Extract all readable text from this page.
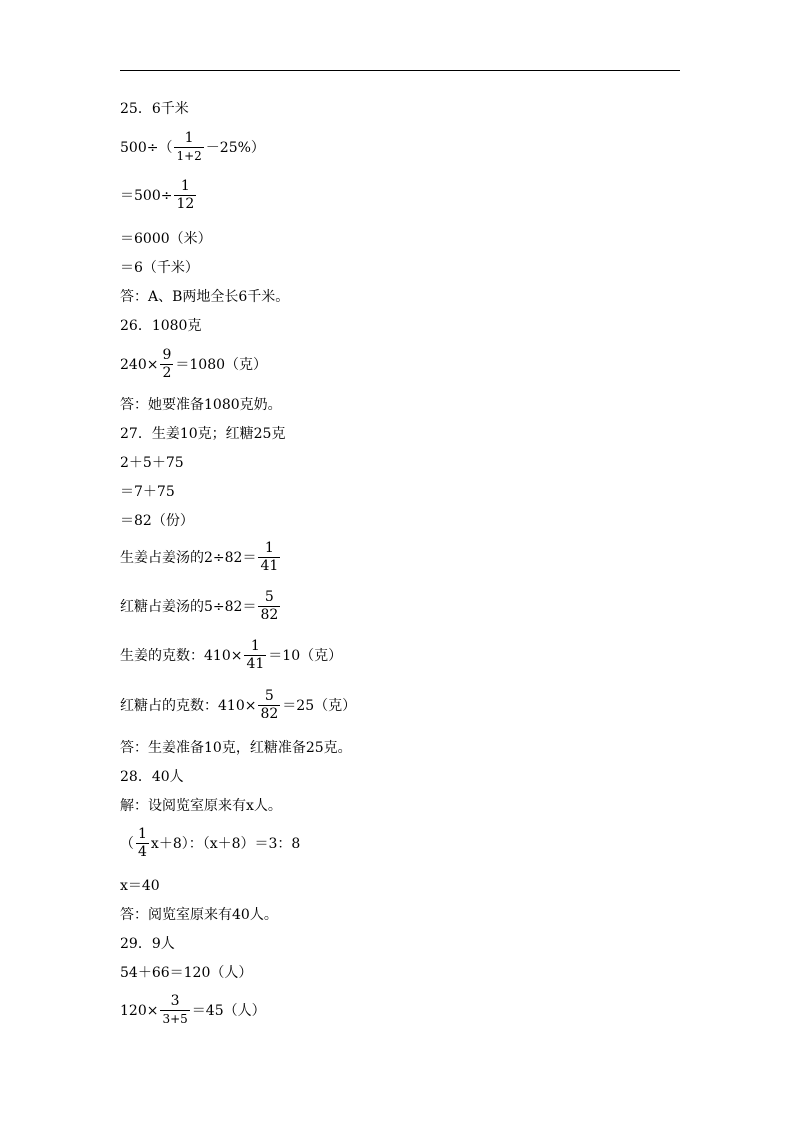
25．6千米
$500\div( \frac{1}{1+2} -25\%)$
$=500\div \frac{1}{12}$
＝6000（米）
＝6（千米）
答：A、B两地全长6千米。
26．1080克
$240\times \frac{9}{2} =1080$（克）
答：她要准备1080克奶。
27．生姜10克；红糖25克
2＋5＋75
＝7＋75
＝82（份）
生姜占姜汤的$2\div 82= \frac{1}{41}$
红糖占姜汤的$5\div 82= \frac{5}{82}$
生姜的克数：$410\times \frac{1}{41} =10$（克）
红糖占的克数：$410\times \frac{5}{82} =25$（克）
答：生姜准备10克，红糖准备25克。
28．40人
解：设阅览室原来有x人。
（ $\frac{1}{4} x+8$）：（x＋8）＝3：8
x＝40
答：阅览室原来有40人。
29．9人
54＋66＝120（人）
$120\times \frac{3}{3+5} =45$（人）
